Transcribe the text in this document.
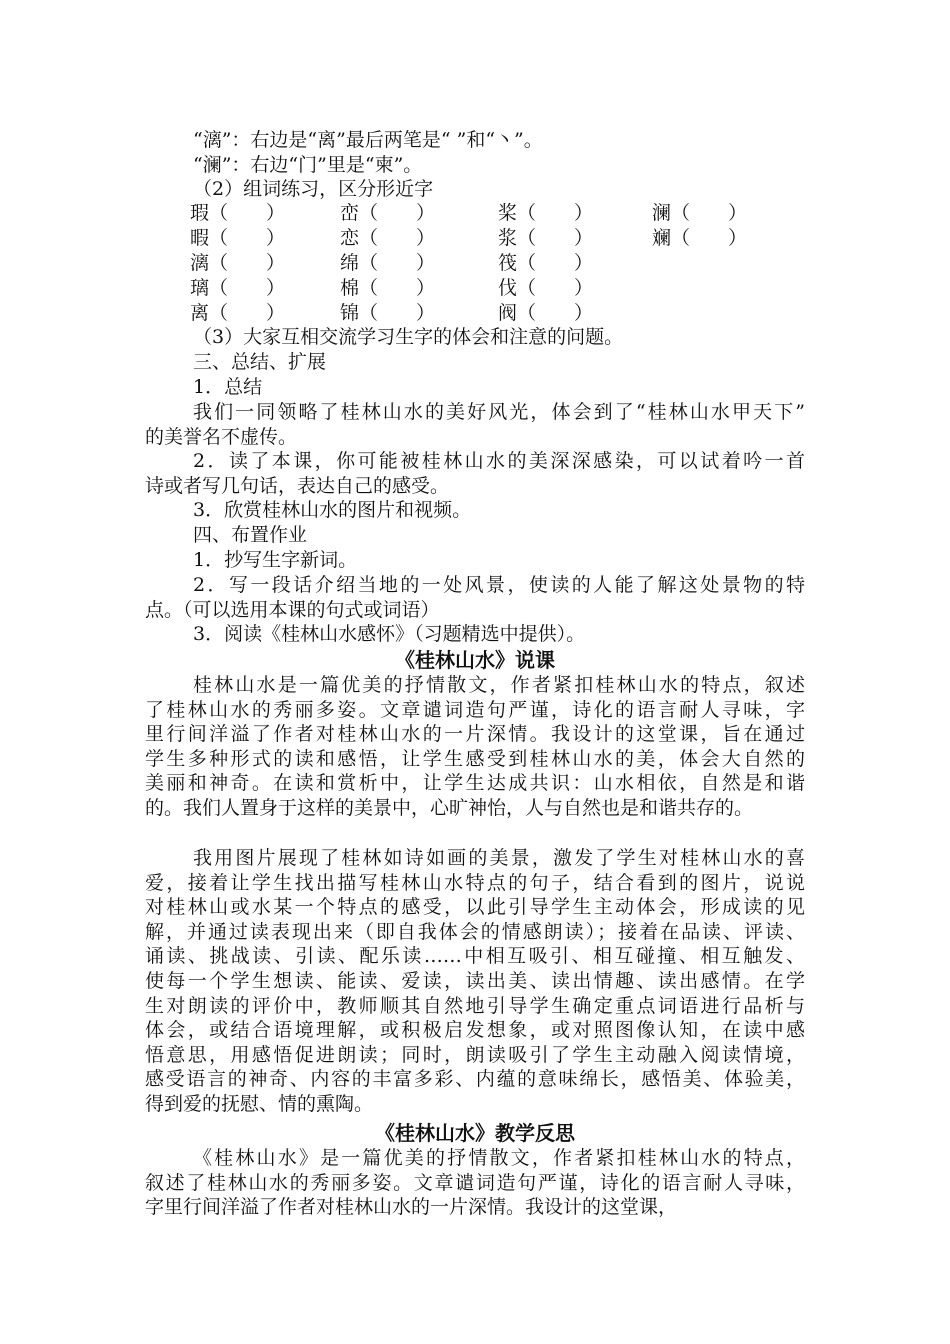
“漓”：右边是“离”最后两笔是“ ”和“丶”。
“澜”：右边“门”里是“柬”。
（2）组词练习，区分形近字
瑕（　　）	峦（　　）	桨（　　）	澜（　　）
暇（　　）	恋（　　）	浆（　　）	斓（　　）
漓（　　）	绵（　　）	筏（　　）
璃（　　）	棉（　　）	伐（　　）
离（　　）	锦（　　）	阀（　　）
（3）大家互相交流学习生字的体会和注意的问题。
三、总结、扩展
1．总结
我们一同领略了桂林山水的美好风光，体会到了“桂林山水甲天下”
的美誉名不虚传。
2．读了本课，你可能被桂林山水的美深深感染，可以试着吟一首
诗或者写几句话，表达自己的感受。
3．欣赏桂林山水的图片和视频。
四、布置作业
1．抄写生字新词。
2．写一段话介绍当地的一处风景，使读的人能了解这处景物的特
点。（可以选用本课的句式或词语）
3．阅读《桂林山水感怀》（习题精选中提供）。
《桂林山水》说课
桂林山水是一篇优美的抒情散文，作者紧扣桂林山水的特点，叙述
了桂林山水的秀丽多姿。文章谴词造句严谨，诗化的语言耐人寻味，字
里行间洋溢了作者对桂林山水的一片深情。我设计的这堂课，旨在通过
学生多种形式的读和感悟，让学生感受到桂林山水的美，体会大自然的
美丽和神奇。在读和赏析中，让学生达成共识：山水相依，自然是和谐
的。我们人置身于这样的美景中，心旷神怡，人与自然也是和谐共存的。
我用图片展现了桂林如诗如画的美景，激发了学生对桂林山水的喜
爱，接着让学生找出描写桂林山水特点的句子，结合看到的图片，说说
对桂林山或水某一个特点的感受，以此引导学生主动体会，形成读的见
解，并通过读表现出来（即自我体会的情感朗读）；接着在品读、评读、
诵读、挑战读、引读、配乐读……中相互吸引、相互碰撞、相互触发、
使每一个学生想读、能读、爱读，读出美、读出情趣、读出感情。在学
生对朗读的评价中，教师顺其自然地引导学生确定重点词语进行品析与
体会，或结合语境理解，或积极启发想象，或对照图像认知，在读中感
悟意思，用感悟促进朗读；同时，朗读吸引了学生主动融入阅读情境，
感受语言的神奇、内容的丰富多彩、内蕴的意味绵长，感悟美、体验美，
得到爱的抚慰、情的熏陶。
《桂林山水》教学反思
《桂林山水》是一篇优美的抒情散文，作者紧扣桂林山水的特点，
叙述了桂林山水的秀丽多姿。文章谴词造句严谨，诗化的语言耐人寻味，
字里行间洋溢了作者对桂林山水的一片深情。我设计的这堂课，
